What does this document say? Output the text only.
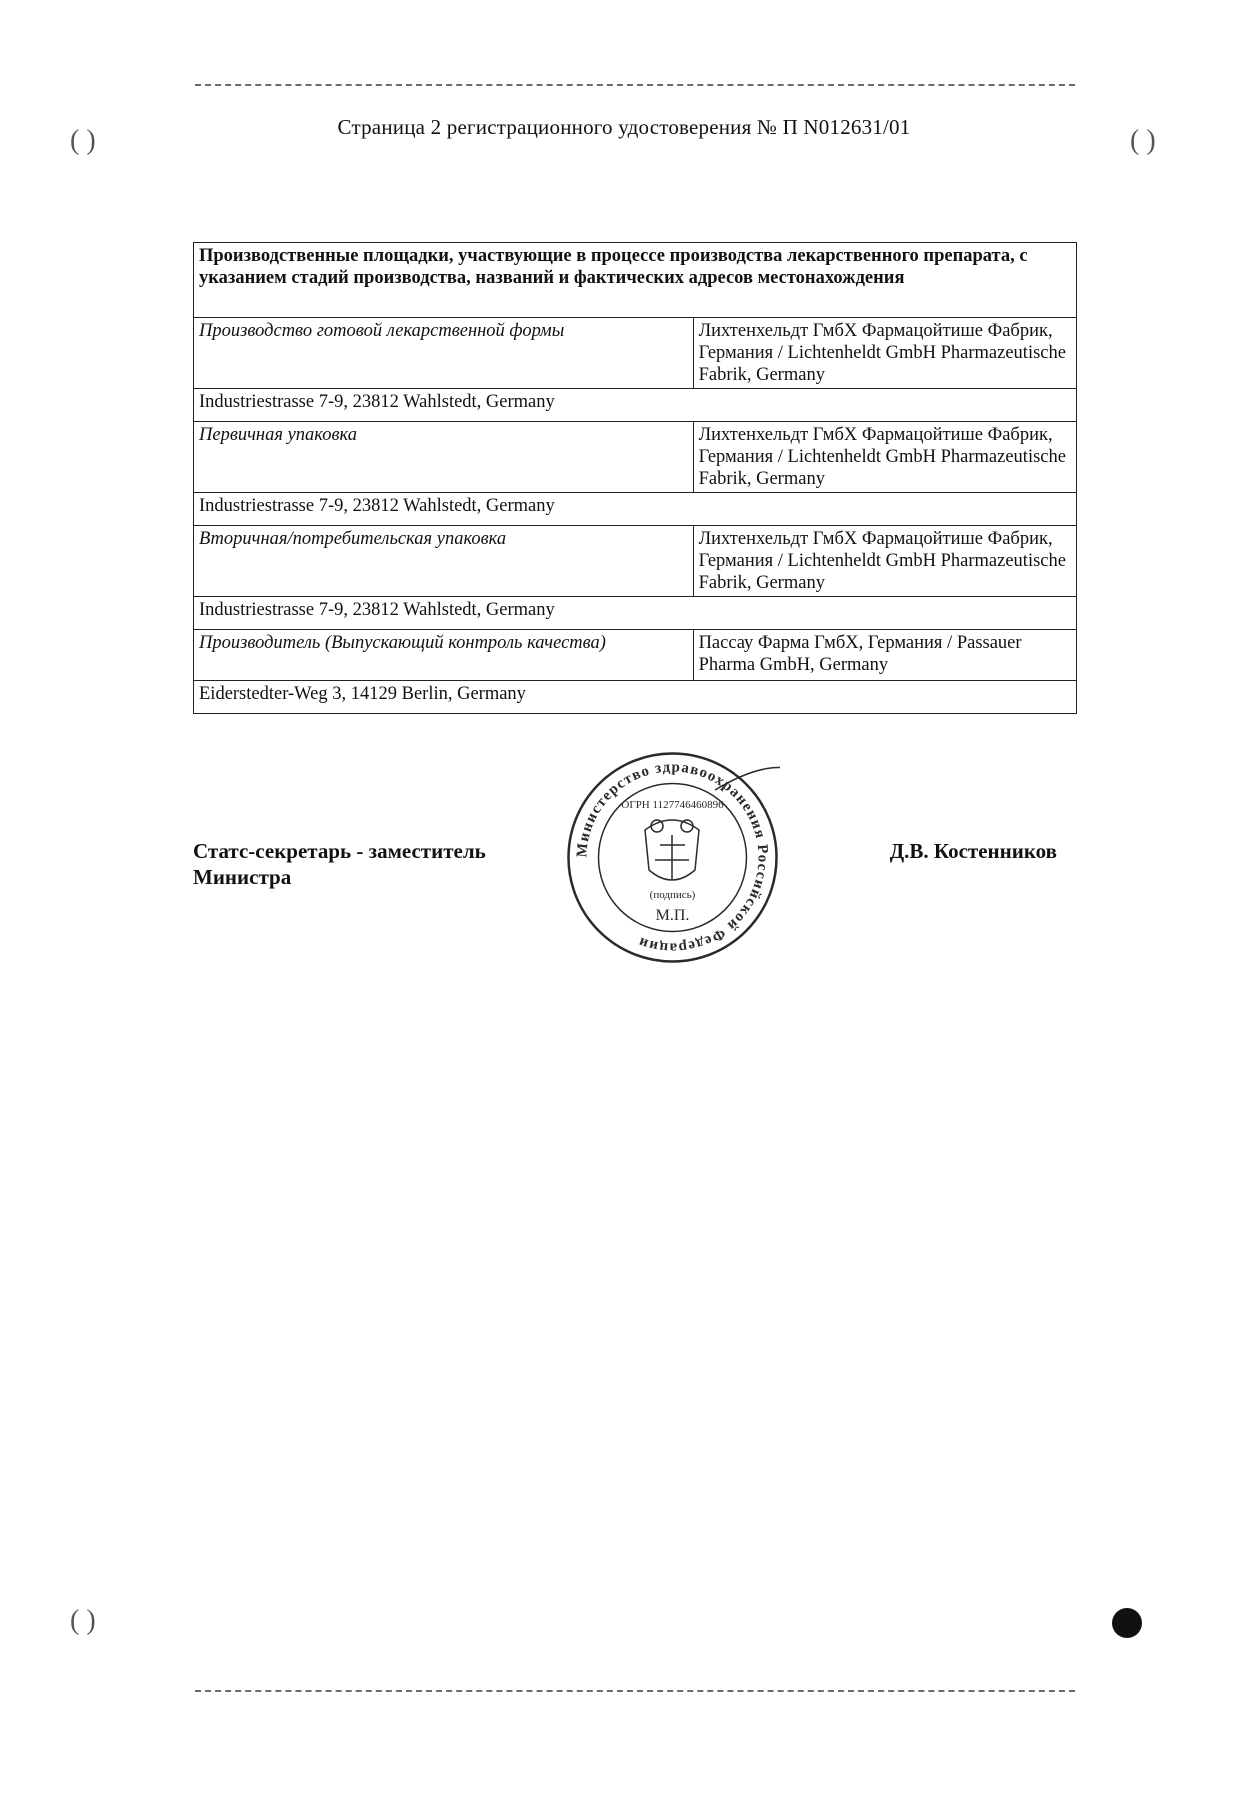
( )	( )
( )
Страница 2 регистрационного удостоверения № П N012631/01
Производственные площадки, участвующие в процессе производства лекарственного препарата, с указанием стадий производства, названий и фактических адресов местонахождения	
Производство готовой лекарственной формы	Лихтенхельдт ГмбХ Фармацойтише Фабрик, Германия / Lichtenheldt GmbH Pharmazeutische Fabrik, Germany
Industriestrasse 7-9, 23812 Wahlstedt, Germany	
Первичная упаковка	Лихтенхельдт ГмбХ Фармацойтише Фабрик, Германия / Lichtenheldt GmbH Pharmazeutische Fabrik, Germany
Industriestrasse 7-9, 23812 Wahlstedt, Germany	
Вторичная/потребительская упаковка	Лихтенхельдт ГмбХ Фармацойтише Фабрик, Германия / Lichtenheldt GmbH Pharmazeutische Fabrik, Germany
Industriestrasse 7-9, 23812 Wahlstedt, Germany	
Производитель (Выпускающий контроль качества)	Пассау Фарма ГмбХ, Германия / Passauer Pharma GmbH, Germany
Eiderstedter-Weg 3, 14129 Berlin, Germany	
Статс-секретарь - заместитель
Министра
Д.В. Костенников
Министерство здравоохранения Российской Федерации
ОГРН 1127746460896
(подпись)
М.П.
